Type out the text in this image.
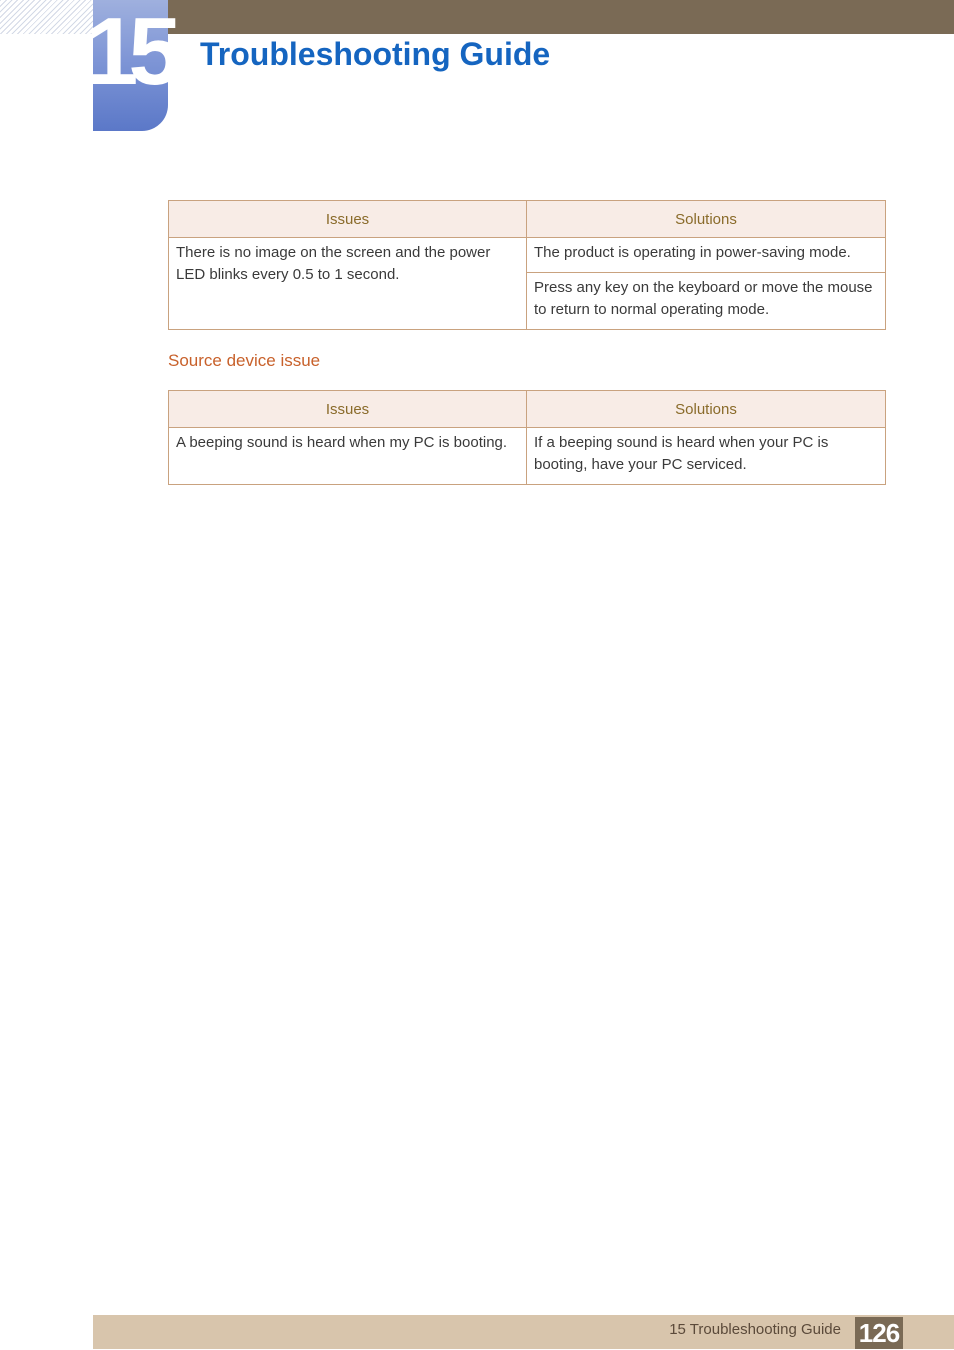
15 Troubleshooting Guide
Issues	Solutions
There is no image on the screen and the power LED blinks every 0.5 to 1 second.	The product is operating in power-saving mode.
	Press any key on the keyboard or move the mouse to return to normal operating mode.
Source device issue
Issues	Solutions
A beeping sound is heard when my PC is booting.	If a beeping sound is heard when your PC is booting, have your PC serviced.
15 Troubleshooting Guide 126
